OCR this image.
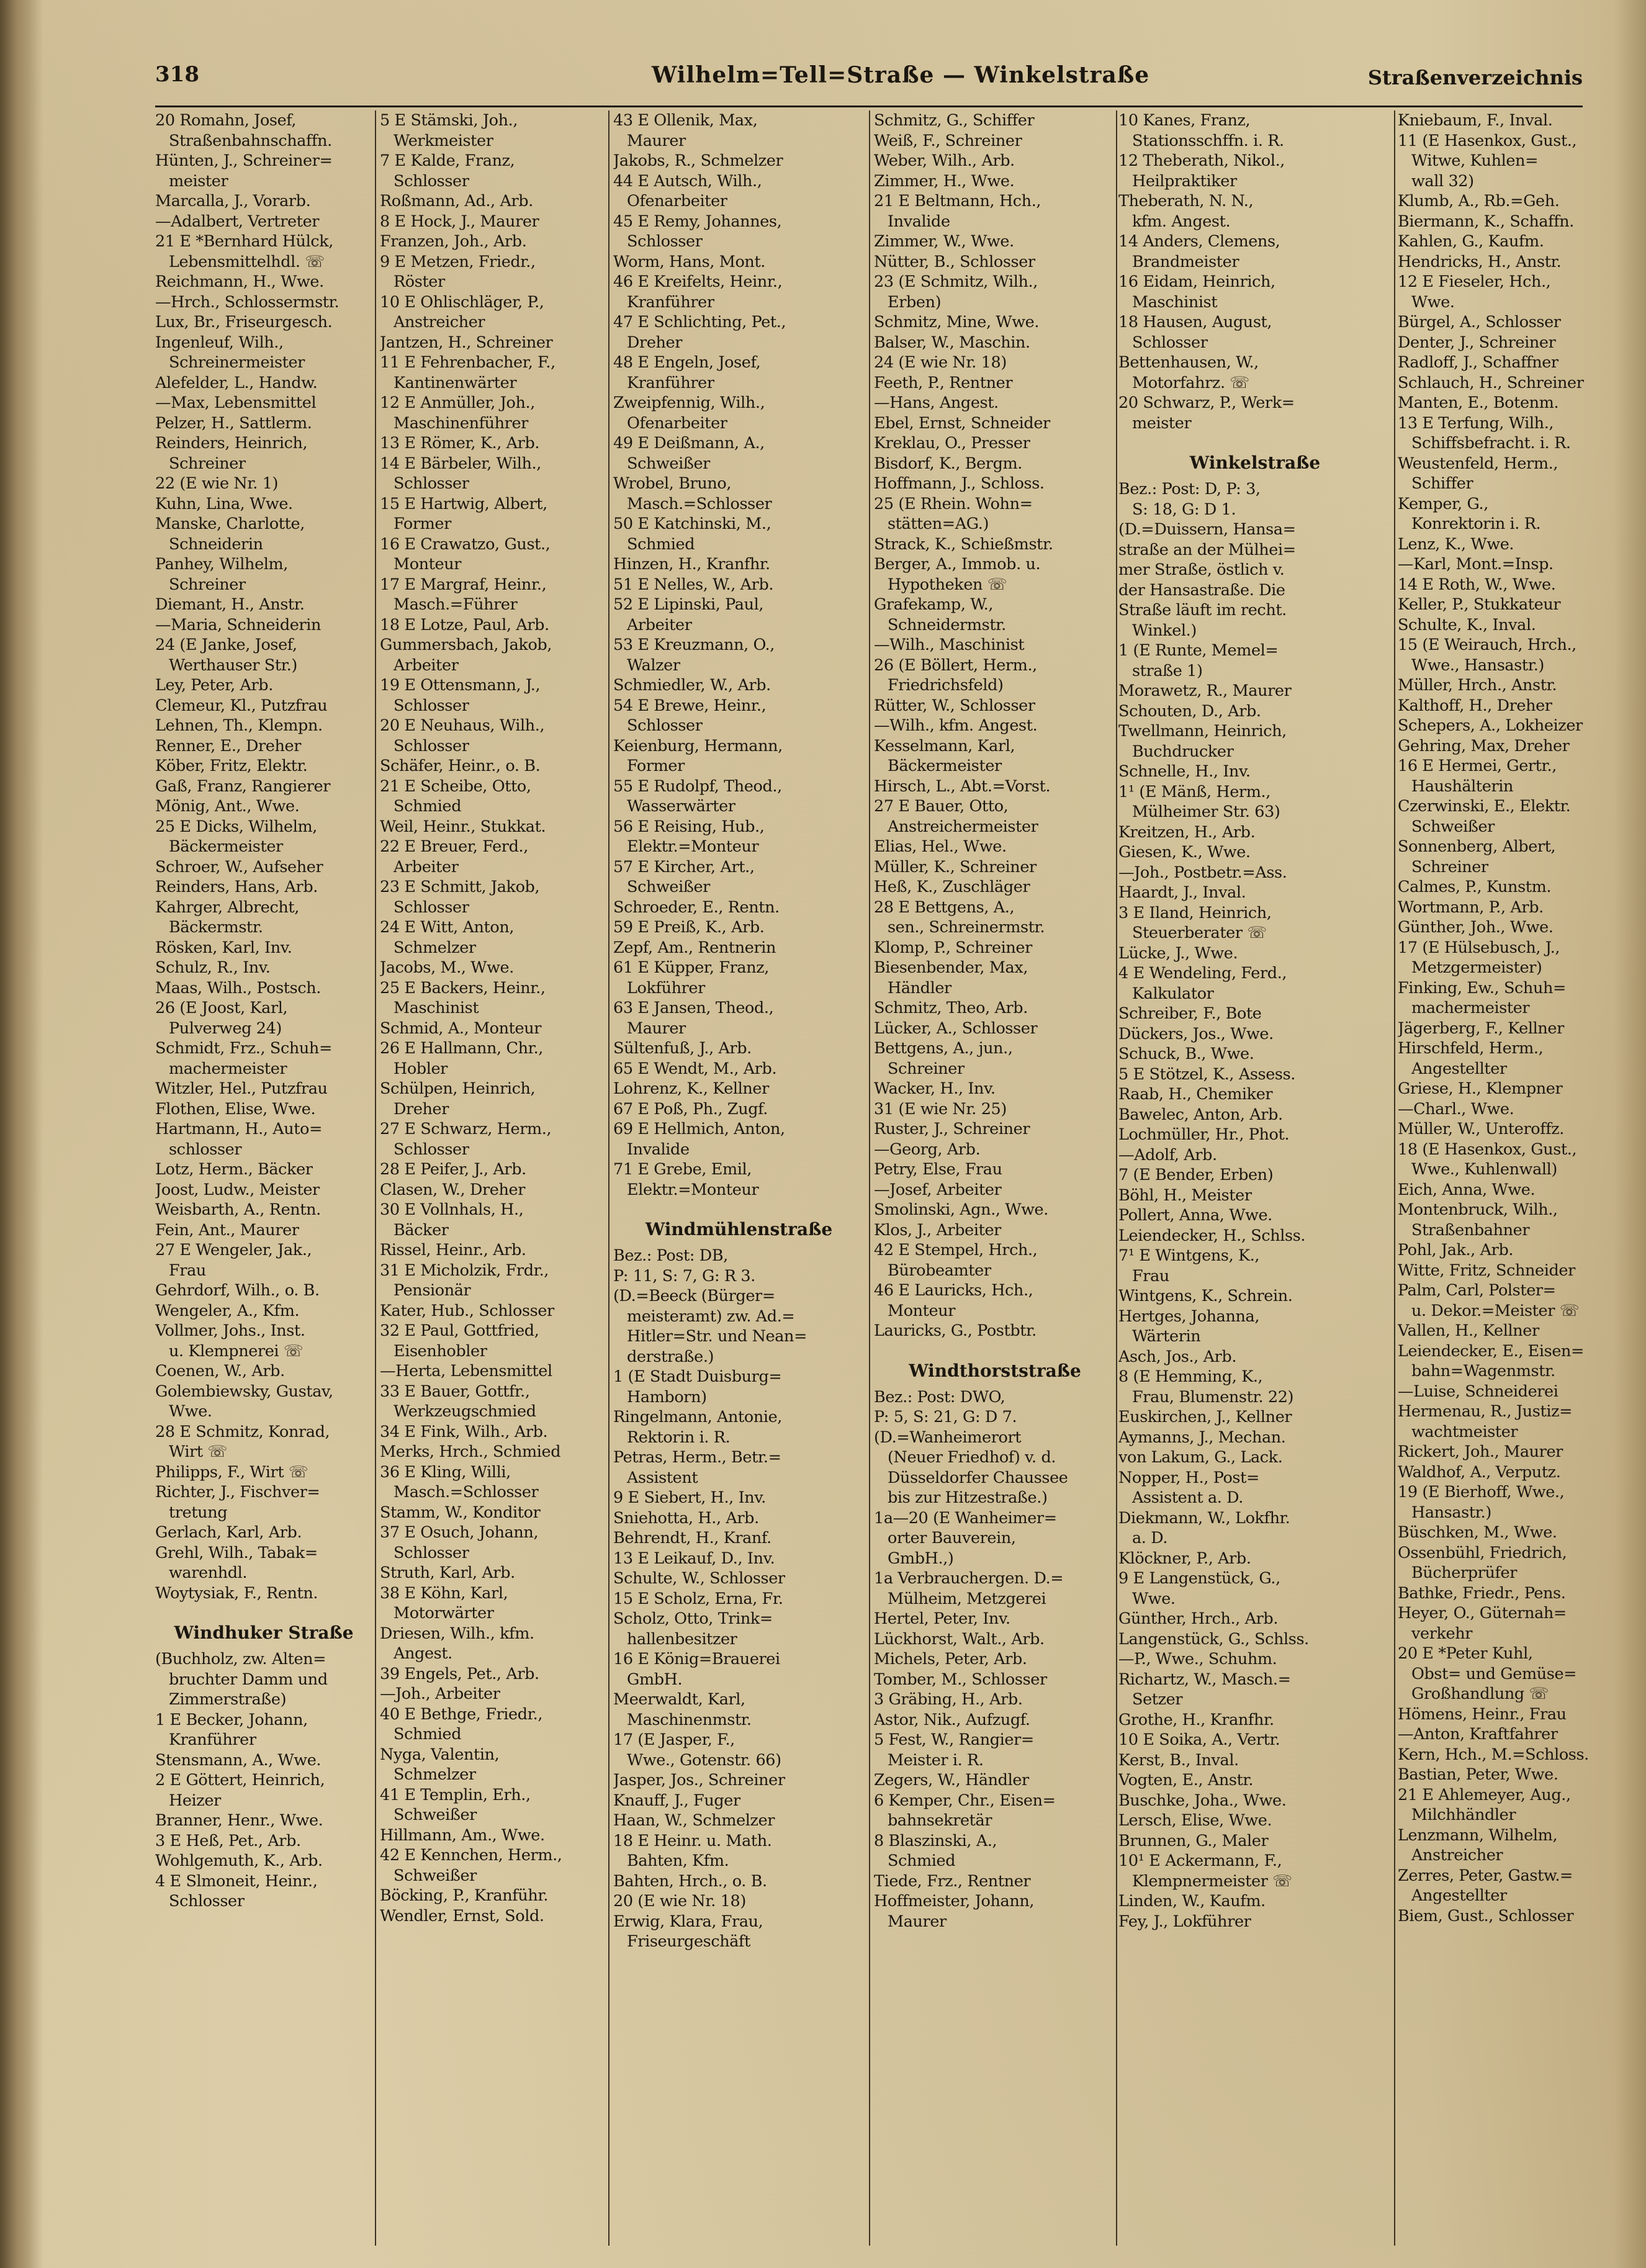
318	Wilhelm=Tell=Straße — Winkelstraße	Straßenverzeichnis
20 Romahn, Josef,
Straßenbahnschaffn.
Hünten, J., Schreiner=
meister
Marcalla, J., Vorarb.
—Adalbert, Vertreter
21 E *Bernhard Hülck,
Lebensmittelhdl. ☏
Reichmann, H., Wwe.
—Hrch., Schlossermstr.
Lux, Br., Friseurgesch.
Ingenleuf, Wilh.,
Schreinermeister
Alefelder, L., Handw.
—Max, Lebensmittel
Pelzer, H., Sattlerm.
Reinders, Heinrich,
Schreiner
22 (E wie Nr. 1)
Kuhn, Lina, Wwe.
Manske, Charlotte,
Schneiderin
Panhey, Wilhelm,
Schreiner
Diemant, H., Anstr.
—Maria, Schneiderin
24 (E Janke, Josef,
Werthauser Str.)
Ley, Peter, Arb.
Clemeur, Kl., Putzfrau
Lehnen, Th., Klempn.
Renner, E., Dreher
Köber, Fritz, Elektr.
Gaß, Franz, Rangierer
Mönig, Ant., Wwe.
25 E Dicks, Wilhelm,
Bäckermeister
Schroer, W., Aufseher
Reinders, Hans, Arb.
Kahrger, Albrecht,
Bäckermstr.
Rösken, Karl, Inv.
Schulz, R., Inv.
Maas, Wilh., Postsch.
26 (E Joost, Karl,
Pulverweg 24)
Schmidt, Frz., Schuh=
machermeister
Witzler, Hel., Putzfrau
Flothen, Elise, Wwe.
Hartmann, H., Auto=
schlosser
Lotz, Herm., Bäcker
Joost, Ludw., Meister
Weisbarth, A., Rentn.
Fein, Ant., Maurer
27 E Wengeler, Jak.,
Frau
Gehrdorf, Wilh., o. B.
Wengeler, A., Kfm.
Vollmer, Johs., Inst.
u. Klempnerei ☏
Coenen, W., Arb.
Golembiewsky, Gustav,
Wwe.
28 E Schmitz, Konrad,
Wirt ☏
Philipps, F., Wirt ☏
Richter, J., Fischver=
tretung
Gerlach, Karl, Arb.
Grehl, Wilh., Tabak=
warenhdl.
Woytysiak, F., Rentn.
Windhuker Straße
(Buchholz, zw. Alten=
bruchter Damm und
Zimmerstraße)
1 E Becker, Johann,
Kranführer
Stensmann, A., Wwe.
2 E Göttert, Heinrich,
Heizer
Branner, Henr., Wwe.
3 E Heß, Pet., Arb.
Wohlgemuth, K., Arb.
4 E Slmoneit, Heinr.,
Schlosser
5 E Stämski, Joh.,
Werkmeister
7 E Kalde, Franz,
Schlosser
Roßmann, Ad., Arb.
8 E Hock, J., Maurer
Franzen, Joh., Arb.
9 E Metzen, Friedr.,
Röster
10 E Ohlischläger, P.,
Anstreicher
Jantzen, H., Schreiner
11 E Fehrenbacher, F.,
Kantinenwärter
12 E Anmüller, Joh.,
Maschinenführer
13 E Römer, K., Arb.
14 E Bärbeler, Wilh.,
Schlosser
15 E Hartwig, Albert,
Former
16 E Crawatzo, Gust.,
Monteur
17 E Margraf, Heinr.,
Masch.=Führer
18 E Lotze, Paul, Arb.
Gummersbach, Jakob,
Arbeiter
19 E Ottensmann, J.,
Schlosser
20 E Neuhaus, Wilh.,
Schlosser
Schäfer, Heinr., o. B.
21 E Scheibe, Otto,
Schmied
Weil, Heinr., Stukkat.
22 E Breuer, Ferd.,
Arbeiter
23 E Schmitt, Jakob,
Schlosser
24 E Witt, Anton,
Schmelzer
Jacobs, M., Wwe.
25 E Backers, Heinr.,
Maschinist
Schmid, A., Monteur
26 E Hallmann, Chr.,
Hobler
Schülpen, Heinrich,
Dreher
27 E Schwarz, Herm.,
Schlosser
28 E Peifer, J., Arb.
Clasen, W., Dreher
30 E Vollnhals, H.,
Bäcker
Rissel, Heinr., Arb.
31 E Micholzik, Frdr.,
Pensionär
Kater, Hub., Schlosser
32 E Paul, Gottfried,
Eisenhobler
—Herta, Lebensmittel
33 E Bauer, Gottfr.,
Werkzeugschmied
34 E Fink, Wilh., Arb.
Merks, Hrch., Schmied
36 E Kling, Willi,
Masch.=Schlosser
Stamm, W., Konditor
37 E Osuch, Johann,
Schlosser
Struth, Karl, Arb.
38 E Köhn, Karl,
Motorwärter
Driesen, Wilh., kfm.
Angest.
39 Engels, Pet., Arb.
—Joh., Arbeiter
40 E Bethge, Friedr.,
Schmied
Nyga, Valentin,
Schmelzer
41 E Templin, Erh.,
Schweißer
Hillmann, Am., Wwe.
42 E Kennchen, Herm.,
Schweißer
Böcking, P., Kranführ.
Wendler, Ernst, Sold.
43 E Ollenik, Max,
Maurer
Jakobs, R., Schmelzer
44 E Autsch, Wilh.,
Ofenarbeiter
45 E Remy, Johannes,
Schlosser
Worm, Hans, Mont.
46 E Kreifelts, Heinr.,
Kranführer
47 E Schlichting, Pet.,
Dreher
48 E Engeln, Josef,
Kranführer
Zweipfennig, Wilh.,
Ofenarbeiter
49 E Deißmann, A.,
Schweißer
Wrobel, Bruno,
Masch.=Schlosser
50 E Katchinski, M.,
Schmied
Hinzen, H., Kranfhr.
51 E Nelles, W., Arb.
52 E Lipinski, Paul,
Arbeiter
53 E Kreuzmann, O.,
Walzer
Schmiedler, W., Arb.
54 E Brewe, Heinr.,
Schlosser
Keienburg, Hermann,
Former
55 E Rudolpf, Theod.,
Wasserwärter
56 E Reising, Hub.,
Elektr.=Monteur
57 E Kircher, Art.,
Schweißer
Schroeder, E., Rentn.
59 E Preiß, K., Arb.
Zepf, Am., Rentnerin
61 E Küpper, Franz,
Lokführer
63 E Jansen, Theod.,
Maurer
Sültenfuß, J., Arb.
65 E Wendt, M., Arb.
Lohrenz, K., Kellner
67 E Poß, Ph., Zugf.
69 E Hellmich, Anton,
Invalide
71 E Grebe, Emil,
Elektr.=Monteur
Windmühlenstraße
Bez.: Post: DB,
P: 11, S: 7, G: R 3.
(D.=Beeck (Bürger=
meisteramt) zw. Ad.=
Hitler=Str. und Nean=
derstraße.)
1 (E Stadt Duisburg=
Hamborn)
Ringelmann, Antonie,
Rektorin i. R.
Petras, Herm., Betr.=
Assistent
9 E Siebert, H., Inv.
Sniehotta, H., Arb.
Behrendt, H., Kranf.
13 E Leikauf, D., Inv.
Schulte, W., Schlosser
15 E Scholz, Erna, Fr.
Scholz, Otto, Trink=
hallenbesitzer
16 E König=Brauerei
GmbH.
Meerwaldt, Karl,
Maschinenmstr.
17 (E Jasper, F.,
Wwe., Gotenstr. 66)
Jasper, Jos., Schreiner
Knauff, J., Fuger
Haan, W., Schmelzer
18 E Heinr. u. Math.
Bahten, Kfm.
Bahten, Hrch., o. B.
20 (E wie Nr. 18)
Erwig, Klara, Frau,
Friseurgeschäft
Schmitz, G., Schiffer
Weiß, F., Schreiner
Weber, Wilh., Arb.
Zimmer, H., Wwe.
21 E Beltmann, Hch.,
Invalide
Zimmer, W., Wwe.
Nütter, B., Schlosser
23 (E Schmitz, Wilh.,
Erben)
Schmitz, Mine, Wwe.
Balser, W., Maschin.
24 (E wie Nr. 18)
Feeth, P., Rentner
—Hans, Angest.
Ebel, Ernst, Schneider
Kreklau, O., Presser
Bisdorf, K., Bergm.
Hoffmann, J., Schloss.
25 (E Rhein. Wohn=
stätten=AG.)
Strack, K., Schießmstr.
Berger, A., Immob. u.
Hypotheken ☏
Grafekamp, W.,
Schneidermstr.
—Wilh., Maschinist
26 (E Böllert, Herm.,
Friedrichsfeld)
Rütter, W., Schlosser
—Wilh., kfm. Angest.
Kesselmann, Karl,
Bäckermeister
Hirsch, L., Abt.=Vorst.
27 E Bauer, Otto,
Anstreichermeister
Elias, Hel., Wwe.
Müller, K., Schreiner
Heß, K., Zuschläger
28 E Bettgens, A.,
sen., Schreinermstr.
Klomp, P., Schreiner
Biesenbender, Max,
Händler
Schmitz, Theo, Arb.
Lücker, A., Schlosser
Bettgens, A., jun.,
Schreiner
Wacker, H., Inv.
31 (E wie Nr. 25)
Ruster, J., Schreiner
—Georg, Arb.
Petry, Else, Frau
—Josef, Arbeiter
Smolinski, Agn., Wwe.
Klos, J., Arbeiter
42 E Stempel, Hrch.,
Bürobeamter
46 E Lauricks, Hch.,
Monteur
Lauricks, G., Postbtr.
Windthorststraße
Bez.: Post: DWO,
P: 5, S: 21, G: D 7.
(D.=Wanheimerort
(Neuer Friedhof) v. d.
Düsseldorfer Chaussee
bis zur Hitzestraße.)
1a—20 (E Wanheimer=
orter Bauverein,
GmbH.,)
1a Verbrauchergen. D.=
Mülheim, Metzgerei
Hertel, Peter, Inv.
Lückhorst, Walt., Arb.
Michels, Peter, Arb.
Tomber, M., Schlosser
3 Gräbing, H., Arb.
Astor, Nik., Aufzugf.
5 Fest, W., Rangier=
Meister i. R.
Zegers, W., Händler
6 Kemper, Chr., Eisen=
bahnsekretär
8 Blaszinski, A.,
Schmied
Tiede, Frz., Rentner
Hoffmeister, Johann,
Maurer
10 Kanes, Franz,
Stationsschffn. i. R.
12 Theberath, Nikol.,
Heilpraktiker
Theberath, N. N.,
kfm. Angest.
14 Anders, Clemens,
Brandmeister
16 Eidam, Heinrich,
Maschinist
18 Hausen, August,
Schlosser
Bettenhausen, W.,
Motorfahrz. ☏
20 Schwarz, P., Werk=
meister
Winkelstraße
Bez.: Post: D, P: 3,
S: 18, G: D 1.
(D.=Duissern, Hansa=
straße an der Mülhei=
mer Straße, östlich v.
der Hansastraße. Die
Straße läuft im recht.
Winkel.)
1 (E Runte, Memel=
straße 1)
Morawetz, R., Maurer
Schouten, D., Arb.
Twellmann, Heinrich,
Buchdrucker
Schnelle, H., Inv.
1¹ (E Mänß, Herm.,
Mülheimer Str. 63)
Kreitzen, H., Arb.
Giesen, K., Wwe.
—Joh., Postbetr.=Ass.
Haardt, J., Inval.
3 E Iland, Heinrich,
Steuerberater ☏
Lücke, J., Wwe.
4 E Wendeling, Ferd.,
Kalkulator
Schreiber, F., Bote
Dückers, Jos., Wwe.
Schuck, B., Wwe.
5 E Stötzel, K., Assess.
Raab, H., Chemiker
Bawelec, Anton, Arb.
Lochmüller, Hr., Phot.
—Adolf, Arb.
7 (E Bender, Erben)
Böhl, H., Meister
Pollert, Anna, Wwe.
Leiendecker, H., Schlss.
7¹ E Wintgens, K.,
Frau
Wintgens, K., Schrein.
Hertges, Johanna,
Wärterin
Asch, Jos., Arb.
8 (E Hemming, K.,
Frau, Blumenstr. 22)
Euskirchen, J., Kellner
Aymanns, J., Mechan.
von Lakum, G., Lack.
Nopper, H., Post=
Assistent a. D.
Diekmann, W., Lokfhr.
a. D.
Klöckner, P., Arb.
9 E Langenstück, G.,
Wwe.
Günther, Hrch., Arb.
Langenstück, G., Schlss.
—P., Wwe., Schuhm.
Richartz, W., Masch.=
Setzer
Grothe, H., Kranfhr.
10 E Soika, A., Vertr.
Kerst, B., Inval.
Vogten, E., Anstr.
Buschke, Joha., Wwe.
Lersch, Elise, Wwe.
Brunnen, G., Maler
10¹ E Ackermann, F.,
Klempnermeister ☏
Linden, W., Kaufm.
Fey, J., Lokführer
Kniebaum, F., Inval.
11 (E Hasenkox, Gust.,
Witwe, Kuhlen=
wall 32)
Klumb, A., Rb.=Geh.
Biermann, K., Schaffn.
Kahlen, G., Kaufm.
Hendricks, H., Anstr.
12 E Fieseler, Hch.,
Wwe.
Bürgel, A., Schlosser
Denter, J., Schreiner
Radloff, J., Schaffner
Schlauch, H., Schreiner
Manten, E., Botenm.
13 E Terfung, Wilh.,
Schiffsbefracht. i. R.
Weustenfeld, Herm.,
Schiffer
Kemper, G.,
Konrektorin i. R.
Lenz, K., Wwe.
—Karl, Mont.=Insp.
14 E Roth, W., Wwe.
Keller, P., Stukkateur
Schulte, K., Inval.
15 (E Weirauch, Hrch.,
Wwe., Hansastr.)
Müller, Hrch., Anstr.
Kalthoff, H., Dreher
Schepers, A., Lokheizer
Gehring, Max, Dreher
16 E Hermei, Gertr.,
Haushälterin
Czerwinski, E., Elektr.
Schweißer
Sonnenberg, Albert,
Schreiner
Calmes, P., Kunstm.
Wortmann, P., Arb.
Günther, Joh., Wwe.
17 (E Hülsebusch, J.,
Metzgermeister)
Finking, Ew., Schuh=
machermeister
Jägerberg, F., Kellner
Hirschfeld, Herm.,
Angestellter
Griese, H., Klempner
—Charl., Wwe.
Müller, W., Unteroffz.
18 (E Hasenkox, Gust.,
Wwe., Kuhlenwall)
Eich, Anna, Wwe.
Montenbruck, Wilh.,
Straßenbahner
Pohl, Jak., Arb.
Witte, Fritz, Schneider
Palm, Carl, Polster=
u. Dekor.=Meister ☏
Vallen, H., Kellner
Leiendecker, E., Eisen=
bahn=Wagenmstr.
—Luise, Schneiderei
Hermenau, R., Justiz=
wachtmeister
Rickert, Joh., Maurer
Waldhof, A., Verputz.
19 (E Bierhoff, Wwe.,
Hansastr.)
Büschken, M., Wwe.
Ossenbühl, Friedrich,
Bücherprüfer
Bathke, Friedr., Pens.
Heyer, O., Güternah=
verkehr
20 E *Peter Kuhl,
Obst= und Gemüse=
Großhandlung ☏
Hömens, Heinr., Frau
—Anton, Kraftfahrer
Kern, Hch., M.=Schloss.
Bastian, Peter, Wwe.
21 E Ahlemeyer, Aug.,
Milchhändler
Lenzmann, Wilhelm,
Anstreicher
Zerres, Peter, Gastw.=
Angestellter
Biem, Gust., Schlosser
